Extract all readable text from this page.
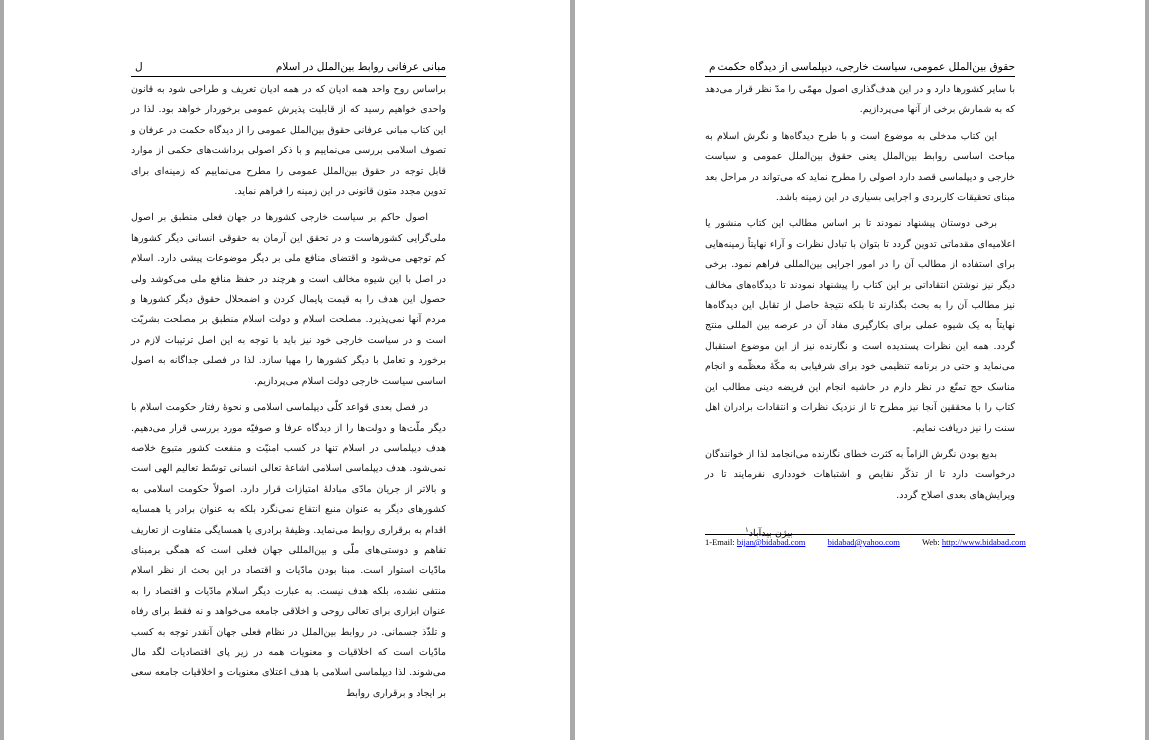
مبانی عرفانی روابط بین‌الملل در اسلام
ل

براساس روح واحد همه ادیان که در همه ادیان تعریف و طراحی شود به قانون واحدی خواهیم رسید که از قابلیت پذیرش عمومی برخوردار خواهد بود. لذا در این کتاب مبانی عرفانی حقوق بین‌الملل عمومی را از دیدگاه حکمت در عرفان و تصوف اسلامی بررسی می‌نماییم و با ذکر اصولی برداشت‌های حکمی از موارد قابل توجه در حقوق بین‌الملل عمومی را مطرح می‌نماییم که زمینه‌ای برای تدوین مجدد متون قانونی در این زمینه را فراهم نماید.

اصول حاکم بر سیاست خارجی کشورها در جهان فعلی منطبق بر اصول ملی‌گرایی کشورهاست و در تحقق این آرمان به حقوقی انسانی دیگر کشورها کم توجهی می‌شود و اقتضای منافع ملی بر دیگر موضوعات پیشی دارد. اسلام در اصل با این شیوه مخالف است و هرچند در حفظ منافع ملی می‌کوشد ولی حصول این هدف را به قیمت پایمال کردن و اضمحلال حقوق دیگر کشورها و مردم آنها نمی‌پذیرد. مصلحت اسلام و دولت اسلام منطبق بر مصلحت بشریّت است و در سیاست خارجی خود نیز باید با توجه به این اصل ترتیبات لازم در برخورد و تعامل با دیگر کشورها را مهیا سازد. لذا در فصلی جداگانه به اصول اساسی سیاست خارجی دولت اسلام می‌پردازیم.

در فصل بعدی قواعد کلّی دیپلماسی اسلامی و نحوۀ رفتار حکومت اسلام با دیگر ملّت‌ها و دولت‌ها را از دیدگاه عرفا و صوفیّه مورد بررسی قرار می‌دهیم. هدف دیپلماسی در اسلام تنها در کسب امنیّت و منفعت کشور متبوع خلاصه نمی‌شود. هدف دیپلماسی اسلامی اشاعۀ تعالی انسانی توسّط تعالیم الهی است و بالاتر از جریان مادّی مبادلۀ امتیازات قرار دارد. اصولاً حکومت اسلامی به کشورهای دیگر به عنوان منبع انتفاع نمی‌نگرد بلکه به عنوان برادر یا همسایه اقدام به برقراری روابط می‌نماید. وظیفۀ برادری یا همسایگی متفاوت از تعاریف تفاهم و دوستی‌های ملّی و بین‌المللی جهان فعلی است که همگی برمبنای مادّیات استوار است. مبنا بودن مادّیات و اقتصاد در این بحث از نظر اسلام منتفی نشده، بلکه هدف نیست. به عبارت دیگر اسلام مادّیات و اقتصاد را به عنوان ابزاری برای تعالی روحی و اخلاقی جامعه می‌خواهد و نه فقط برای رفاه و تلذّذ جسمانی. در روابط بین‌الملل در نظام فعلی جهان آنقدر توجه به کسب مادّیات است که اخلاقیات و معنویات همه در زیر پای اقتصادیات لگد مال می‌شوند. لذا دیپلماسی اسلامی با هدف اعتلای معنویات و اخلاقیات جامعه سعی بر ایجاد و برقراری روابط

حقوق بین‌الملل عمومی، سیاست خارجی، دیپلماسی از دیدگاه حکمت
م

با سایر کشورها دارد و در این هدف‌گذاری اصول مهمّی را مدّ نظر قرار می‌دهد که به شمارش برخی از آنها می‌پردازیم.

این کتاب مدخلی به موضوع است و با طرح دیدگاه‌ها و نگرش اسلام به مباحث اساسی روابط بین‌الملل یعنی حقوق بین‌الملل عمومی و سیاست خارجی و دیپلماسی قصد دارد اصولی را مطرح نماید که می‌تواند در مراحل بعد مبنای تحقیقات کاربردی و اجرایی بسیاری در این زمینه باشد.

برخی دوستان پیشنهاد نمودند تا بر اساس مطالب این کتاب منشور یا اعلامیه‌ای مقدماتی تدوین گردد تا بتوان با تبادل نظرات و آراء نهایتاً زمینه‌هایی برای استفاده از مطالب آن را در امور اجرایی بین‌المللی فراهم نمود. برخی دیگر نیز نوشتن انتقاداتی بر این کتاب را پیشنهاد نمودند تا دیدگاه‌های مخالف نیز مطالب آن را به بحث بگذارند تا بلکه نتیجۀ حاصل از تقابل این دیدگاه‌ها نهایتاً به یک شیوه عملی برای بکارگیری مفاد آن در عرصه بین المللی منتج گردد. همه این نظرات پسندیده است و نگارنده نیز از این موضوع استقبال می‌نماید و حتی در برنامه تنظیمی خود برای شرفیابی به مکّۀ معظّمه و انجام مناسک حج تمتّع در نظر دارم در حاشیه انجام این فریضه دینی مطالب این کتاب را با محققین آنجا نیز مطرح تا از نزدیک نظرات و انتقادات برادران اهل سنت را نیز دریافت نمایم.

بدیع بودن نگرش الزاماً به کثرت خطای نگارنده می‌انجامد لذا از خوانندگان درخواست دارد تا از تذکّر نقایص و اشتباهات خودداری نفرمایند تا در ویرایش‌های بعدی اصلاح گردد.

بیژن بیدآباد$^۱$

1-Email: bijan@bidabad.com	bidabad@yahoo.com	Web: http://www.bidabad.com
